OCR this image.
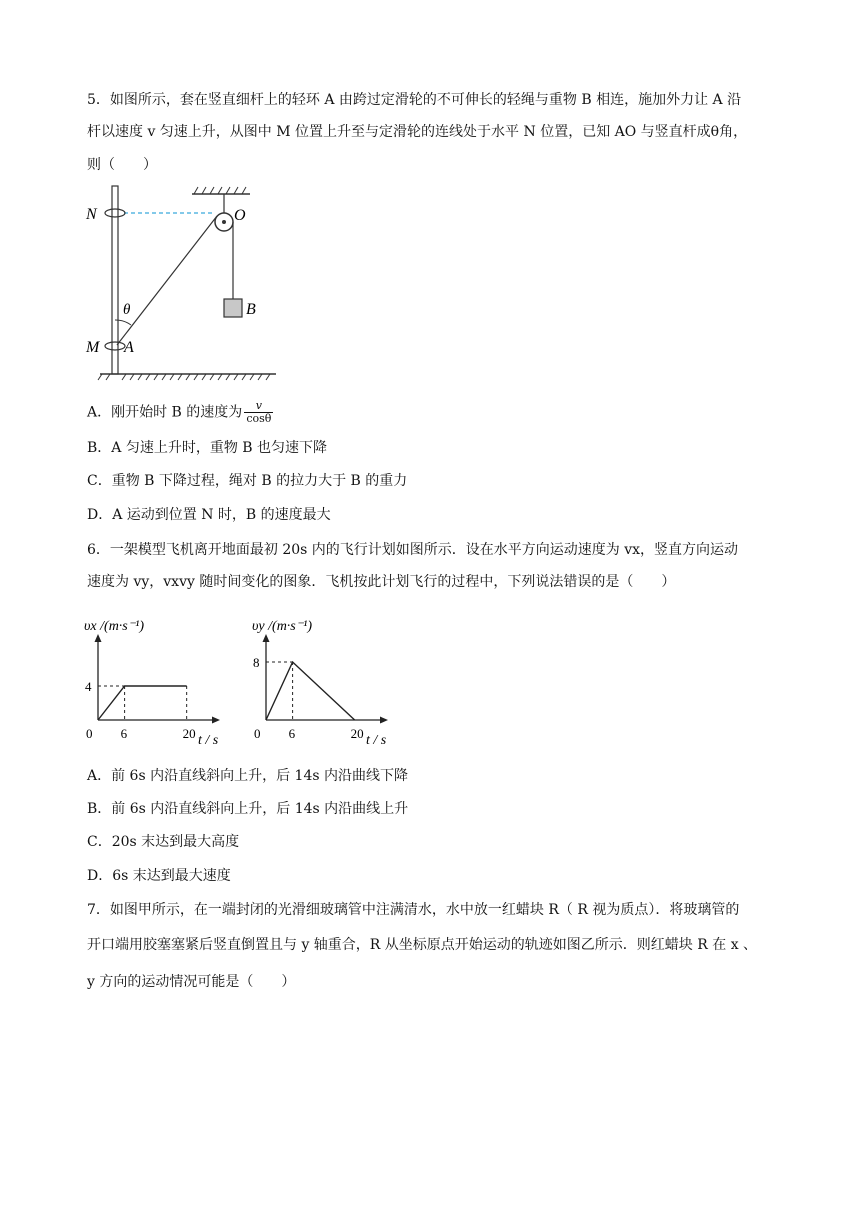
5．如图所示，套在竖直细杆上的轻环 A 由跨过定滑轮的不可伸长的轻绳与重物 B 相连，施加外力让 A 沿
杆以速度 v 匀速上升，从图中 M 位置上升至与定滑轮的连线处于水平 N 位置，已知 AO 与竖直杆成θ角，
则（　　）
N	O
M A
B
θ
A．刚开始时 B 的速度为 $\frac{v}{\cos\theta}$
B．A 匀速上升时，重物 B 也匀速下降
C．重物 B 下降过程，绳对 B 的拉力大于 B 的重力
D．A 运动到位置 N 时，B 的速度最大
6．一架模型飞机离开地面最初 20s 内的飞行计划如图所示．设在水平方向运动速度为 vx，竖直方向运动
速度为 vy，vxvy 随时间变化的图象．飞机按此计划飞行的过程中，下列说法错误的是（　　）
υx /(m·s⁻¹)
t / s
0 6	20
4
υy /(m·s⁻¹)
t / s
0 6	20
8
A．前 6s 内沿直线斜向上升，后 14s 内沿曲线下降
B．前 6s 内沿直线斜向上升，后 14s 内沿曲线上升
C．20s 末达到最大高度
D．6s 末达到最大速度
7．如图甲所示，在一端封闭的光滑细玻璃管中注满清水，水中放一红蜡块 R（ R 视为质点）．将玻璃管的
开口端用胶塞塞紧后竖直倒置且与 y 轴重合，R 从坐标原点开始运动的轨迹如图乙所示．则红蜡块 R 在 x 、
y 方向的运动情况可能是（　　）
